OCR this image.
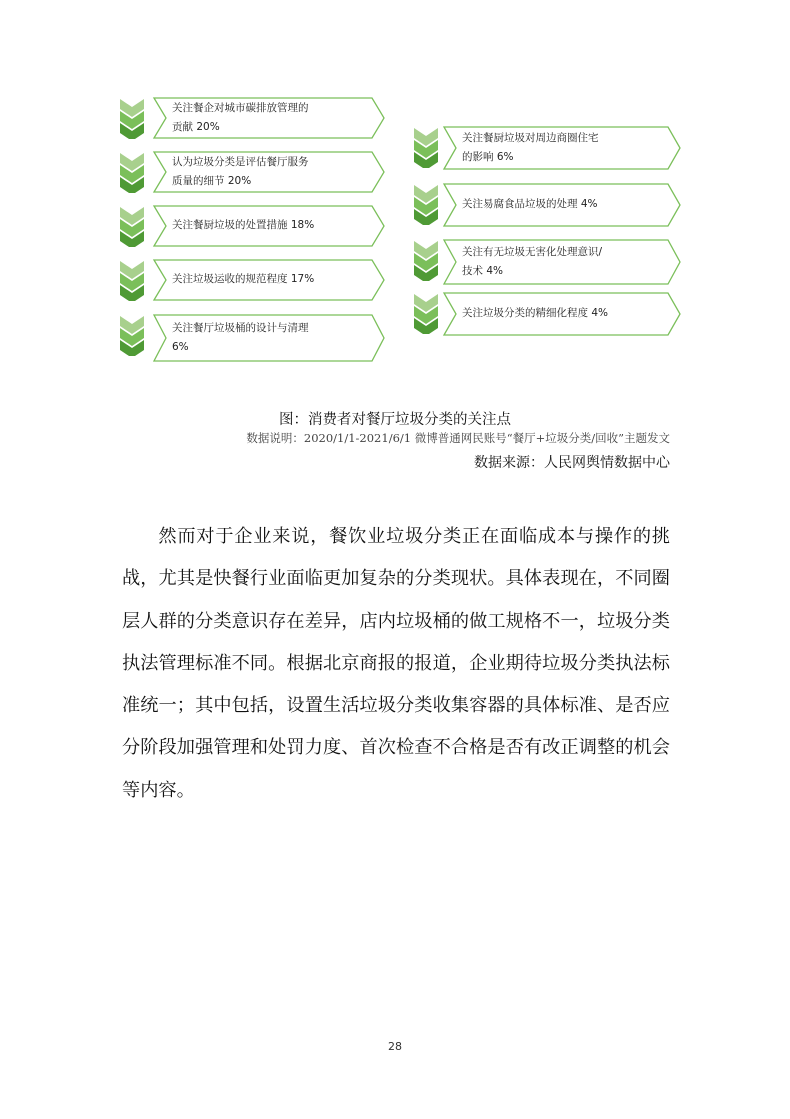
关注餐企对城市碳排放管理的
贡献 20%
认为垃圾分类是评估餐厅服务
质量的细节 20%
关注餐厨垃圾的处置措施 18%
关注垃圾运收的规范程度 17%
关注餐厅垃圾桶的设计与清理
6%
关注餐厨垃圾对周边商圈住宅
的影响 6%
关注易腐食品垃圾的处理 4%
关注有无垃圾无害化处理意识/
技术 4%
关注垃圾分类的精细化程度 4%
图：消费者对餐厅垃圾分类的关注点
数据说明：2020/1/1-2021/6/1 微博普通网民账号“餐厅+垃圾分类/回收”主题发文
数据来源：人民网舆情数据中心

然而对于企业来说，餐饮业垃圾分类正在面临成本与操作的挑战，尤其是快餐行业面临更加复杂的分类现状。具体表现在，不同圈层人群的分类意识存在差异，店内垃圾桶的做工规格不一，垃圾分类执法管理标准不同。根据北京商报的报道，企业期待垃圾分类执法标准统一；其中包括，设置生活垃圾分类收集容器的具体标准、是否应分阶段加强管理和处罚力度、首次检查不合格是否有改正调整的机会等内容。

28
